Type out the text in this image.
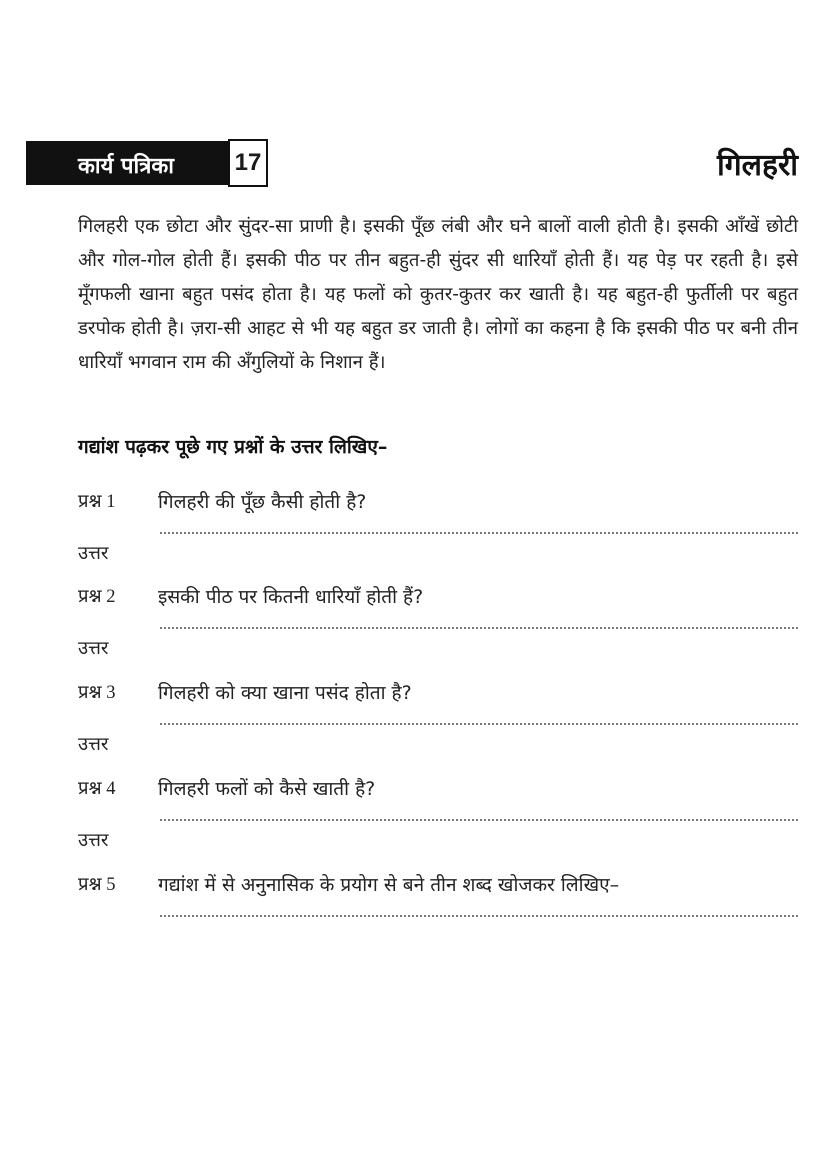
कार्य पत्रिका	17	गिलहरी

गिलहरी एक छोटा और सुंदर-सा प्राणी है। इसकी पूँछ लंबी और घने बालों वाली होती है। इसकी आँखें छोटी और गोल-गोल होती हैं। इसकी पीठ पर तीन बहुत-ही सुंदर सी धारियाँ होती हैं। यह पेड़ पर रहती है। इसे मूँगफली खाना बहुत पसंद होता है। यह फलों को कुतर-कुतर कर खाती है। यह बहुत-ही फुर्तीली पर बहुत डरपोक होती है। ज़रा-सी आहट से भी यह बहुत डर जाती है। लोगों का कहना है कि इसकी पीठ पर बनी तीन धारियाँ भगवान राम की अँगुलियों के निशान हैं।

गद्यांश पढ़कर पूछे गए प्रश्नों के उत्तर लिखिए–
प्रश्न 1 गिलहरी की पूँछ कैसी होती है?
उत्तर
प्रश्न 2 इसकी पीठ पर कितनी धारियाँ होती हैं?
उत्तर
प्रश्न 3 गिलहरी को क्या खाना पसंद होता है?
उत्तर
प्रश्न 4 गिलहरी फलों को कैसे खाती है?
उत्तर
प्रश्न 5 गद्यांश में से अनुनासिक के प्रयोग से बने तीन शब्द खोजकर लिखिए–
